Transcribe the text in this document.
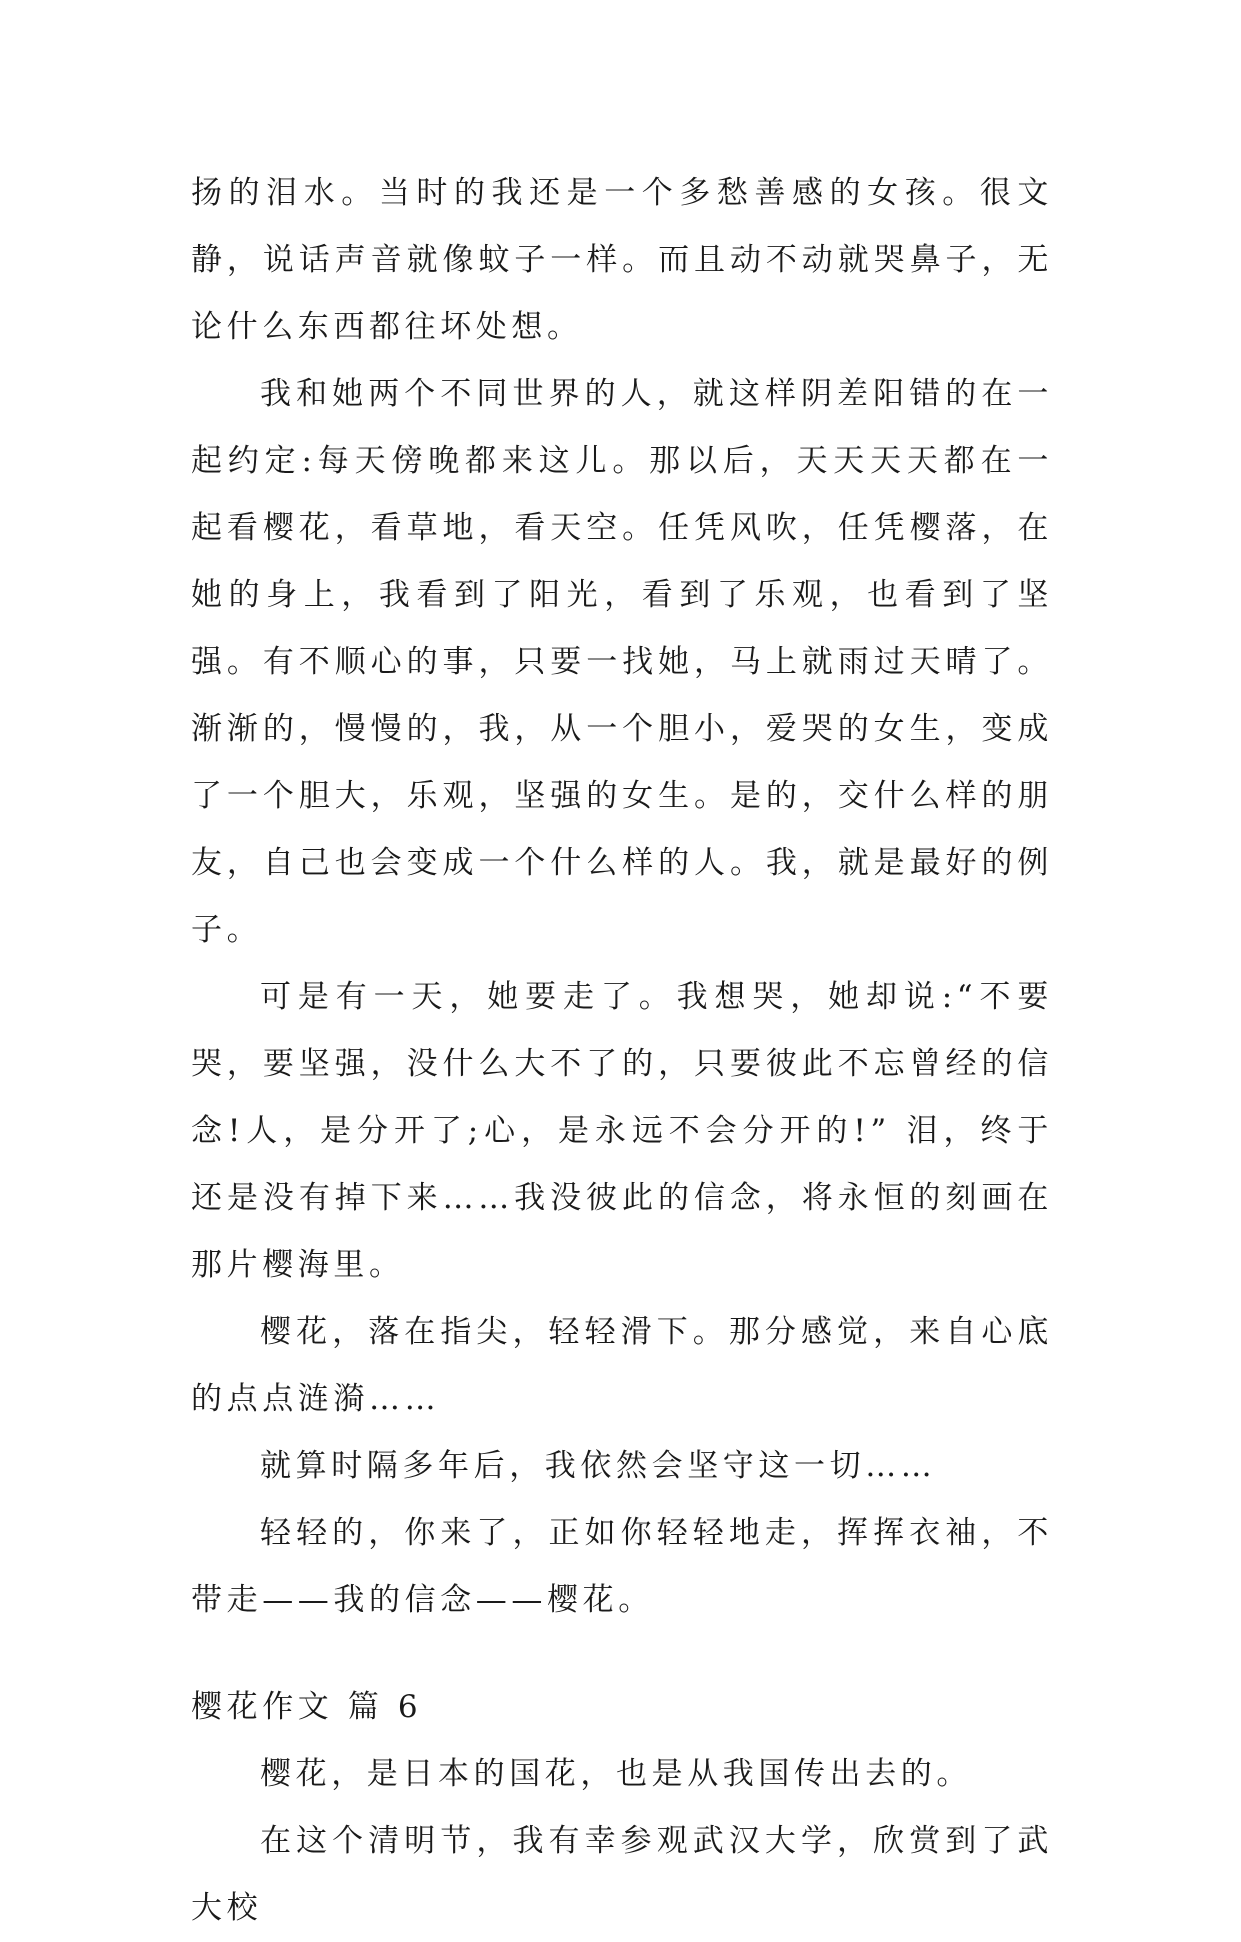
扬的泪水。当时的我还是一个多愁善感的女孩。很文静，说话声音就像蚊子一样。而且动不动就哭鼻子，无论什么东西都往坏处想。

我和她两个不同世界的人，就这样阴差阳错的在一起约定:每天傍晚都来这儿。那以后，天天天天都在一起看樱花，看草地，看天空。任凭风吹，任凭樱落，在她的身上，我看到了阳光，看到了乐观，也看到了坚强。有不顺心的事，只要一找她，马上就雨过天晴了。渐渐的，慢慢的，我，从一个胆小，爱哭的女生，变成了一个胆大，乐观，坚强的女生。是的，交什么样的朋友，自己也会变成一个什么样的人。我，就是最好的例子。

可是有一天，她要走了。我想哭，她却说:“不要哭，要坚强，没什么大不了的，只要彼此不忘曾经的信念!人，是分开了;心，是永远不会分开的!” 泪，终于还是没有掉下来……我没彼此的信念，将永恒的刻画在那片樱海里。

樱花，落在指尖，轻轻滑下。那分感觉，来自心底的点点涟漪……

就算时隔多年后，我依然会坚守这一切……

轻轻的，你来了，正如你轻轻地走，挥挥衣袖，不带走——我的信念——樱花。

樱花作文 篇 6

樱花，是日本的国花，也是从我国传出去的。

在这个清明节，我有幸参观武汉大学，欣赏到了武大校
